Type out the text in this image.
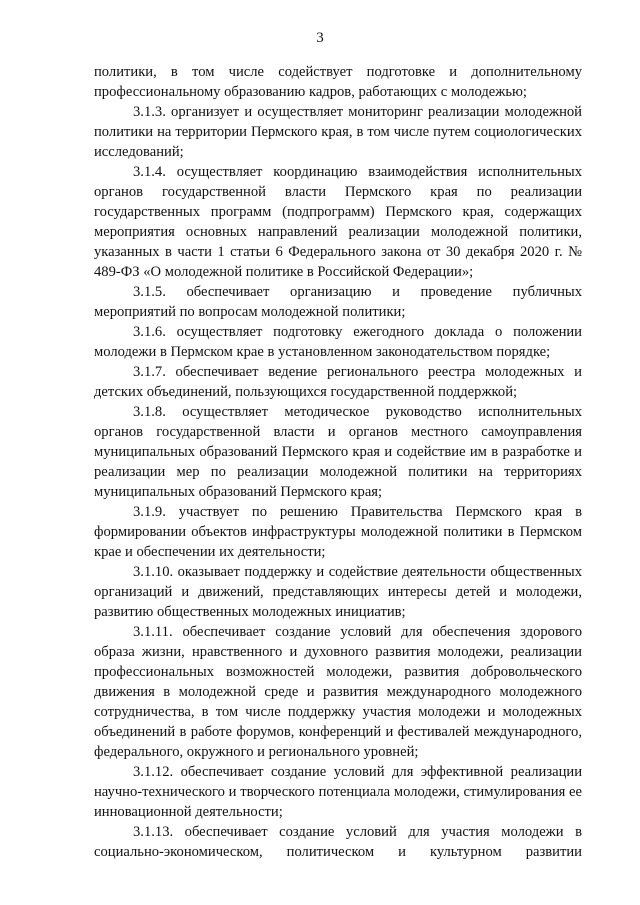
3

политики, в том числе содействует подготовке и дополнительному профессиональному образованию кадров, работающих с молодежью;

3.1.3. организует и осуществляет мониторинг реализации молодежной политики на территории Пермского края, в том числе путем социологических исследований;

3.1.4. осуществляет координацию взаимодействия исполнительных органов государственной власти Пермского края по реализации государственных программ (подпрограмм) Пермского края, содержащих мероприятия основных направлений реализации молодежной политики, указанных в части 1 статьи 6 Федерального закона от 30 декабря 2020 г. № 489-ФЗ «О молодежной политике в Российской Федерации»;

3.1.5. обеспечивает организацию и проведение публичных мероприятий по вопросам молодежной политики;

3.1.6. осуществляет подготовку ежегодного доклада о положении молодежи в Пермском крае в установленном законодательством порядке;

3.1.7. обеспечивает ведение регионального реестра молодежных и детских объединений, пользующихся государственной поддержкой;

3.1.8. осуществляет методическое руководство исполнительных органов государственной власти и органов местного самоуправления муниципальных образований Пермского края и содействие им в разработке и реализации мер по реализации молодежной политики на территориях муниципальных образований Пермского края;

3.1.9. участвует по решению Правительства Пермского края в формировании объектов инфраструктуры молодежной политики в Пермском крае и обеспечении их деятельности;

3.1.10. оказывает поддержку и содействие деятельности общественных организаций и движений, представляющих интересы детей и молодежи, развитию общественных молодежных инициатив;

3.1.11. обеспечивает создание условий для обеспечения здорового образа жизни, нравственного и духовного развития молодежи, реализации профессиональных возможностей молодежи, развития добровольческого движения в молодежной среде и развития международного молодежного сотрудничества, в том числе поддержку участия молодежи и молодежных объединений в работе форумов, конференций и фестивалей международного, федерального, окружного и регионального уровней;

3.1.12. обеспечивает создание условий для эффективной реализации научно-технического и творческого потенциала молодежи, стимулирования ее инновационной деятельности;

3.1.13. обеспечивает создание условий для участия молодежи в социально-экономическом, политическом и культурном развитии
